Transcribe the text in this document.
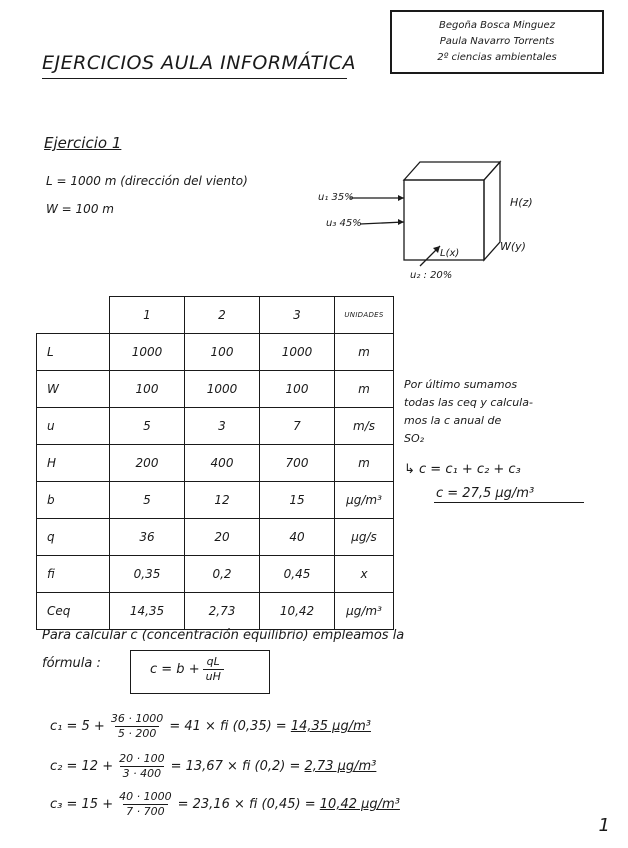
Begoña Bosca Minguez
Paula Navarro Torrents
2º ciencias ambientales
EJERCICIOS AULA INFORMÁTICA
Ejercicio 1
L = 1000 m (dirección del viento)
W = 100 m
u₁ 35%
u₃ 45%
u₂ : 20%
H(z)
L(x)
W(y)
	1	2	3	UNIDADES
L	1000	100	1000	m
W	100	1000	100	m
u	5	3	7	m/s
H	200	400	700	m
b	5	12	15	µg/m³
q	36	20	40	µg/s
fi	0,35	0,2	0,45	x
Ceq	14,35	2,73	10,42	µg/m³
Por último sumamos
todas las ceq y calcula-
mos la c anual de
SO₂
↳ c = c₁ + c₂ + c₃
c = 27,5 µg/m³
Para calcular c (concentración equilibrio) empleamos la
fórmula :	$c = b + \frac{qL}{uH}$
c₁ =
$5 + \frac{36 \cdot 1000}{5 \cdot 200} = 41$ × fi (0,35) =
14,35 µg/m³
c₂ =
$12 + \frac{20 \cdot 100}{3 \cdot 400} = 13,67$ × fi (0,2) =
2,73 µg/m³
c₃ =
$15 + \frac{40 \cdot 1000}{7 \cdot 700} = 23,16$ × fi (0,45) =
10,42 µg/m³
1
